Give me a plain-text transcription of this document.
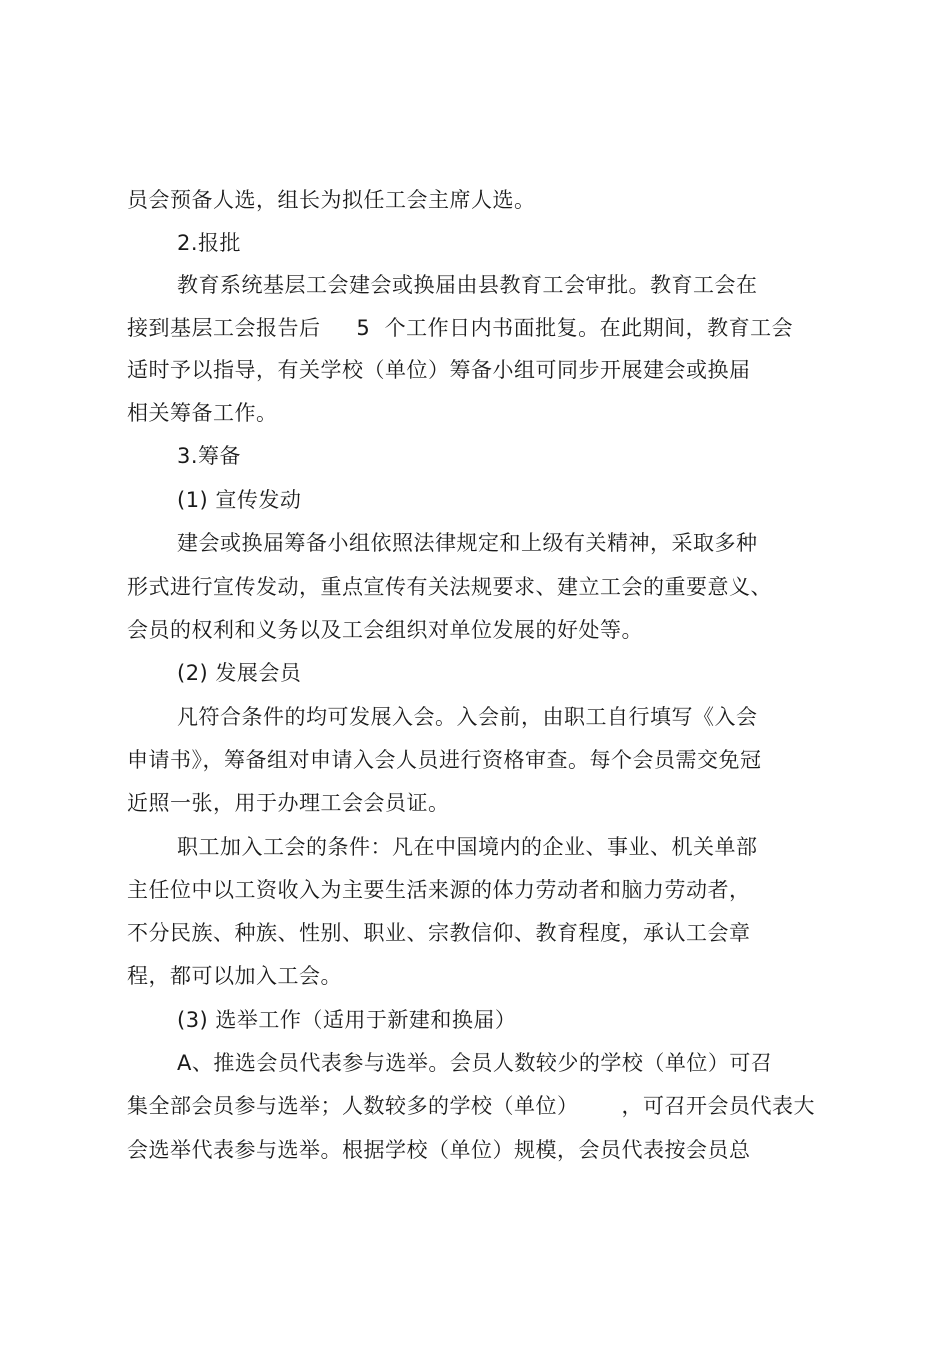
员会预备人选，组长为拟任工会主席人选。
2.报批
教育系统基层工会建会或换届由县教育工会审批。教育工会在
接到基层工会报告后     5  个工作日内书面批复。在此期间，教育工会
适时予以指导，有关学校（单位）筹备小组可同步开展建会或换届
相关筹备工作。
3.筹备
(1) 宣传发动
建会或换届筹备小组依照法律规定和上级有关精神，采取多种
形式进行宣传发动，重点宣传有关法规要求、建立工会的重要意义、
会员的权利和义务以及工会组织对单位发展的好处等。
(2) 发展会员
凡符合条件的均可发展入会。入会前，由职工自行填写《入会
申请书》，筹备组对申请入会人员进行资格审查。每个会员需交免冠
近照一张，用于办理工会会员证。
职工加入工会的条件：凡在中国境内的企业、事业、机关单部
主任位中以工资收入为主要生活来源的体力劳动者和脑力劳动者，
不分民族、种族、性别、职业、宗教信仰、教育程度，承认工会章
程，都可以加入工会。
(3) 选举工作（适用于新建和换届）
A、推选会员代表参与选举。会员人数较少的学校（单位）可召
集全部会员参与选举；人数较多的学校（单位）      ，可召开会员代表大
会选举代表参与选举。根据学校（单位）规模，会员代表按会员总
